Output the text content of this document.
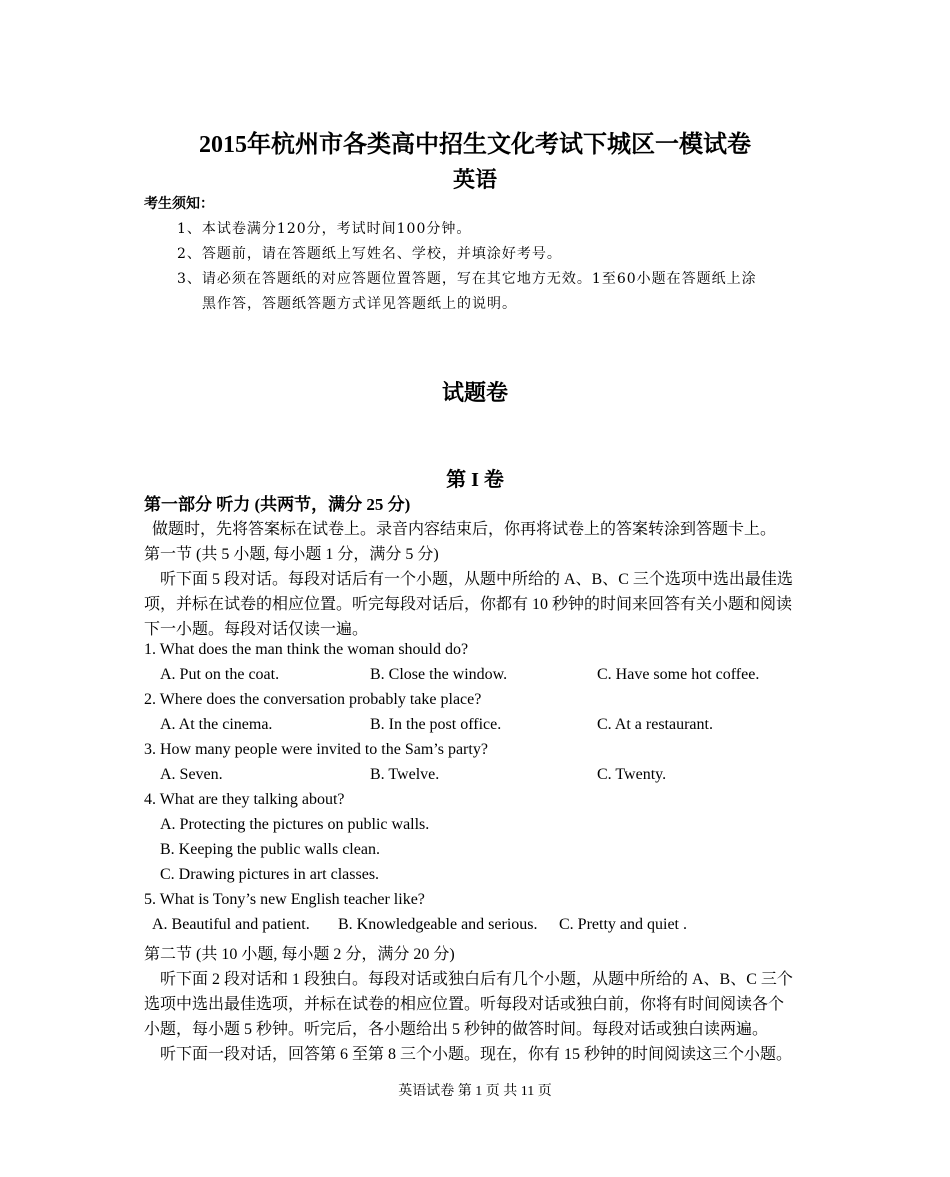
2015年杭州市各类高中招生文化考试下城区一模试卷
英语
考生须知：
1、本试卷满分120分，考试时间100分钟。
2、答题前，请在答题纸上写姓名、学校，并填涂好考号。
3、请必须在答题纸的对应答题位置答题，写在其它地方无效。1至60小题在答题纸上涂
黑作答，答题纸答题方式详见答题纸上的说明。
试题卷
第 I 卷
第一部分 听力 (共两节，满分 25 分)
做题时，先将答案标在试卷上。录音内容结束后，你再将试卷上的答案转涂到答题卡上。
第一节 (共 5 小题, 每小题 1 分，满分 5 分)
听下面 5 段对话。每段对话后有一个小题，从题中所给的 A、B、C 三个选项中选出最佳选
项，并标在试卷的相应位置。听完每段对话后，你都有 10 秒钟的时间来回答有关小题和阅读
下一小题。每段对话仅读一遍。
1. What does the man think the woman should do?
A. Put on the coat.	B. Close the window.	C. Have some hot coffee.
2. Where does the conversation probably take place?
A. At the cinema.	B. In the post office.	C. At a restaurant.
3. How many people were invited to the Sam’s party?
A. Seven.	B. Twelve.	C. Twenty.
4. What are they talking about?
A. Protecting the pictures on public walls.
B. Keeping the public walls clean.
C. Drawing pictures in art classes.
5. What is Tony’s new English teacher like?
A. Beautiful and patient. B. Knowledgeable and serious. C. Pretty and quiet .
第二节 (共 10 小题, 每小题 2 分，满分 20 分)
听下面 2 段对话和 1 段独白。每段对话或独白后有几个小题，从题中所给的 A、B、C 三个
选项中选出最佳选项，并标在试卷的相应位置。听每段对话或独白前，你将有时间阅读各个
小题，每小题 5 秒钟。听完后，各小题给出 5 秒钟的做答时间。每段对话或独白读两遍。
听下面一段对话，回答第 6 至第 8 三个小题。现在，你有 15 秒钟的时间阅读这三个小题。
英语试卷 第 1 页 共 11 页
